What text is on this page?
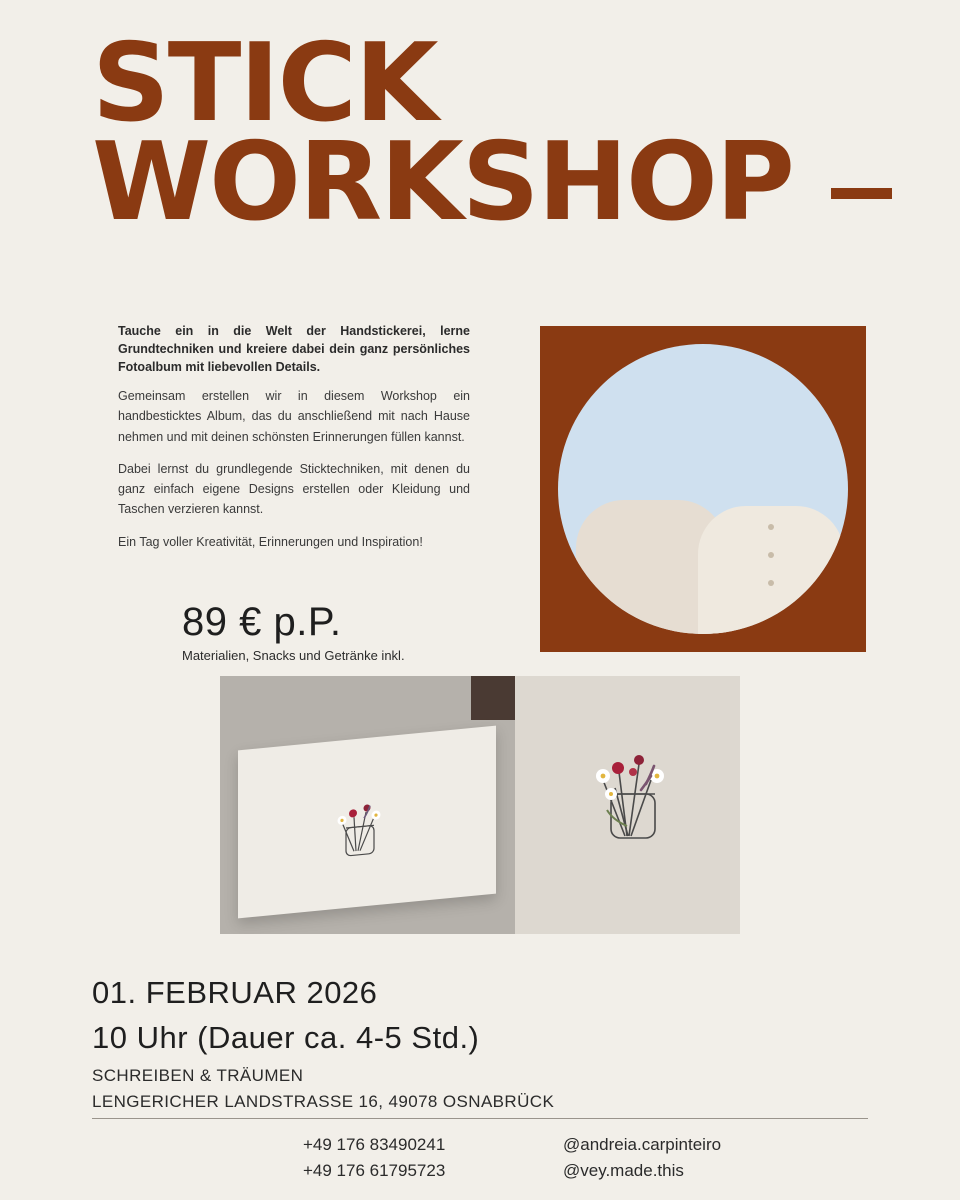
STICK
WORKSHOP
Tauche ein in die Welt der Handstickerei, lerne Grundtechniken und kreiere dabei dein ganz persönliches Fotoalbum mit liebevollen Details.

Gemeinsam erstellen wir in diesem Workshop ein handbesticktes Album, das du anschließend mit nach Hause nehmen und mit deinen schönsten Erinnerungen füllen kannst.

Dabei lernst du grundlegende Sticktechniken, mit denen du ganz einfach eigene Designs erstellen oder Kleidung und Taschen verzieren kannst.

Ein Tag voller Kreativität, Erinnerungen und Inspiration!

89 € p.P.
Materialien, Snacks und Getränke inkl.
01. FEBRUAR 2026
10 Uhr (Dauer ca. 4-5 Std.)
SCHREIBEN & TRÄUMEN
LENGERICHER LANDSTRASSE 16, 49078 OSNABRÜCK
+49 176 83490241
+49 176 61795723
@andreia.carpinteiro
@vey.made.this
